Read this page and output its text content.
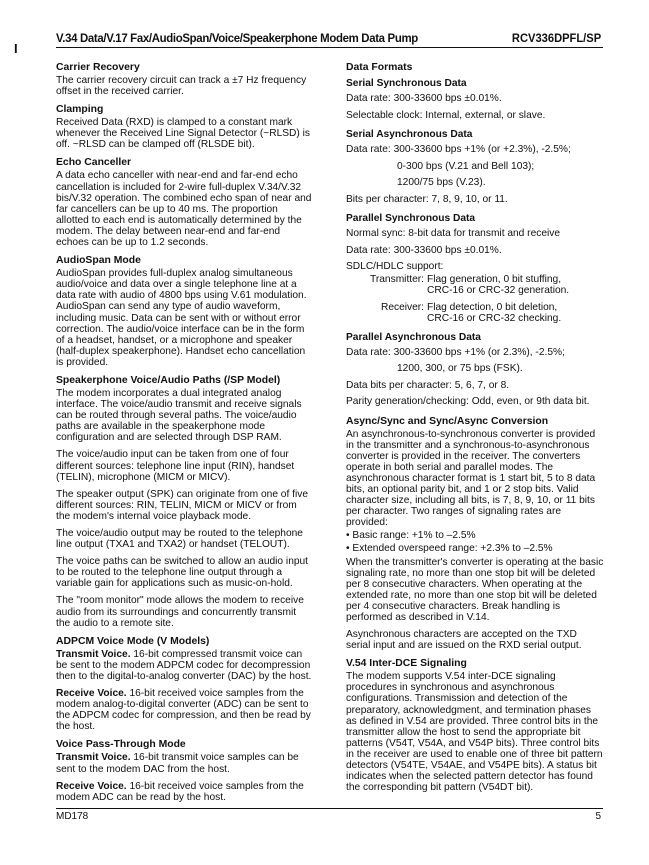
V.34 Data/V.17 Fax/AudioSpan/Voice/Speakerphone Modem Data Pump	RCV336DPFL/SP
I
Carrier Recovery

The carrier recovery circuit can track a ±7 Hz frequency offset in the received carrier.

Clamping

Received Data (RXD) is clamped to a constant mark whenever the Received Line Signal Detector (~RLSD) is off. ~RLSD can be clamped off (RLSDE bit).

Echo Canceller

A data echo canceller with near-end and far-end echo cancellation is included for 2-wire full-duplex V.34/V.32 bis/V.32 operation. The combined echo span of near and far cancellers can be up to 40 ms. The proportion allotted to each end is automatically determined by the modem. The delay between near-end and far-end echoes can be up to 1.2 seconds.

AudioSpan Mode

AudioSpan provides full-duplex analog simultaneous audio/voice and data over a single telephone line at a data rate with audio of 4800 bps using V.61 modulation. AudioSpan can send any type of audio waveform, including music. Data can be sent with or without error correction. The audio/voice interface can be in the form of a headset, handset, or a microphone and speaker (half-duplex speakerphone). Handset echo cancellation is provided.

Speakerphone Voice/Audio Paths (/SP Model)

The modem incorporates a dual integrated analog interface. The voice/audio transmit and receive signals can be routed through several paths. The voice/audio paths are available in the speakerphone mode configuration and are selected through DSP RAM.

The voice/audio input can be taken from one of four different sources: telephone line input (RIN), handset (TELIN), microphone (MICM or MICV).

The speaker output (SPK) can originate from one of five different sources: RIN, TELIN, MICM or MICV or from the modem's internal voice playback mode.

The voice/audio output may be routed to the telephone line output (TXA1 and TXA2) or handset (TELOUT).

The voice paths can be switched to allow an audio input to be routed to the telephone line output through a variable gain for applications such as music-on-hold.

The "room monitor" mode allows the modem to receive audio from its surroundings and concurrently transmit the audio to a remote site.

ADPCM Voice Mode (V Models)

Transmit Voice. 16-bit compressed transmit voice can be sent to the modem ADPCM codec for decompression then to the digital-to-analog converter (DAC) by the host.

Receive Voice. 16-bit received voice samples from the modem analog-to-digital converter (ADC) can be sent to the ADPCM codec for compression, and then be read by the host.

Voice Pass-Through Mode

Transmit Voice. 16-bit transmit voice samples can be sent to the modem DAC from the host.

Receive Voice. 16-bit received voice samples from the modem ADC can be read by the host.

Data Formats
Serial Synchronous Data
Data rate: 300-33600 bps ±0.01%.
Selectable clock: Internal, external, or slave.
Serial Asynchronous Data
Data rate: 300-33600 bps +1% (or +2.3%), -2.5%;
0-300 bps (V.21 and Bell 103);
1200/75 bps (V.23).
Bits per character: 7, 8, 9, 10, or 11.
Parallel Synchronous Data
Normal sync: 8-bit data for transmit and receive
Data rate: 300-33600 bps ±0.01%.
SDLC/HDLC support:
Transmitter: Flag generation, 0 bit stuffing,
CRC-16 or CRC-32 generation.
Receiver: Flag detection, 0 bit deletion,
CRC-16 or CRC-32 checking.
Parallel Asynchronous Data
Data rate: 300-33600 bps +1% (or 2.3%), -2.5%;
1200, 300, or 75 bps (FSK).
Data bits per character: 5, 6, 7, or 8.
Parity generation/checking: Odd, even, or 9th data bit.
Async/Sync and Sync/Async Conversion

An asynchronous-to-synchronous converter is provided in the transmitter and a synchronous-to-asynchronous converter is provided in the receiver. The converters operate in both serial and parallel modes. The asynchronous character format is 1 start bit, 5 to 8 data bits, an optional parity bit, and 1 or 2 stop bits. Valid character size, including all bits, is 7, 8, 9, 10, or 11 bits per character. Two ranges of signaling rates are provided:

• Basic range: +1% to –2.5%
• Extended overspeed range: +2.3% to –2.5%

When the transmitter's converter is operating at the basic signaling rate, no more than one stop bit will be deleted per 8 consecutive characters. When operating at the extended rate, no more than one stop bit will be deleted per 4 consecutive characters. Break handling is performed as described in V.14.

Asynchronous characters are accepted on the TXD serial input and are issued on the RXD serial output.

V.54 Inter-DCE Signaling

The modem supports V.54 inter-DCE signaling procedures in synchronous and asynchronous configurations. Transmission and detection of the preparatory, acknowledgment, and termination phases as defined in V.54 are provided. Three control bits in the transmitter allow the host to send the appropriate bit patterns (V54T, V54A, and V54P bits). Three control bits in the receiver are used to enable one of three bit pattern detectors (V54TE, V54AE, and V54PE bits). A status bit indicates when the selected pattern detector has found the corresponding bit pattern (V54DT bit).

MD178	5
